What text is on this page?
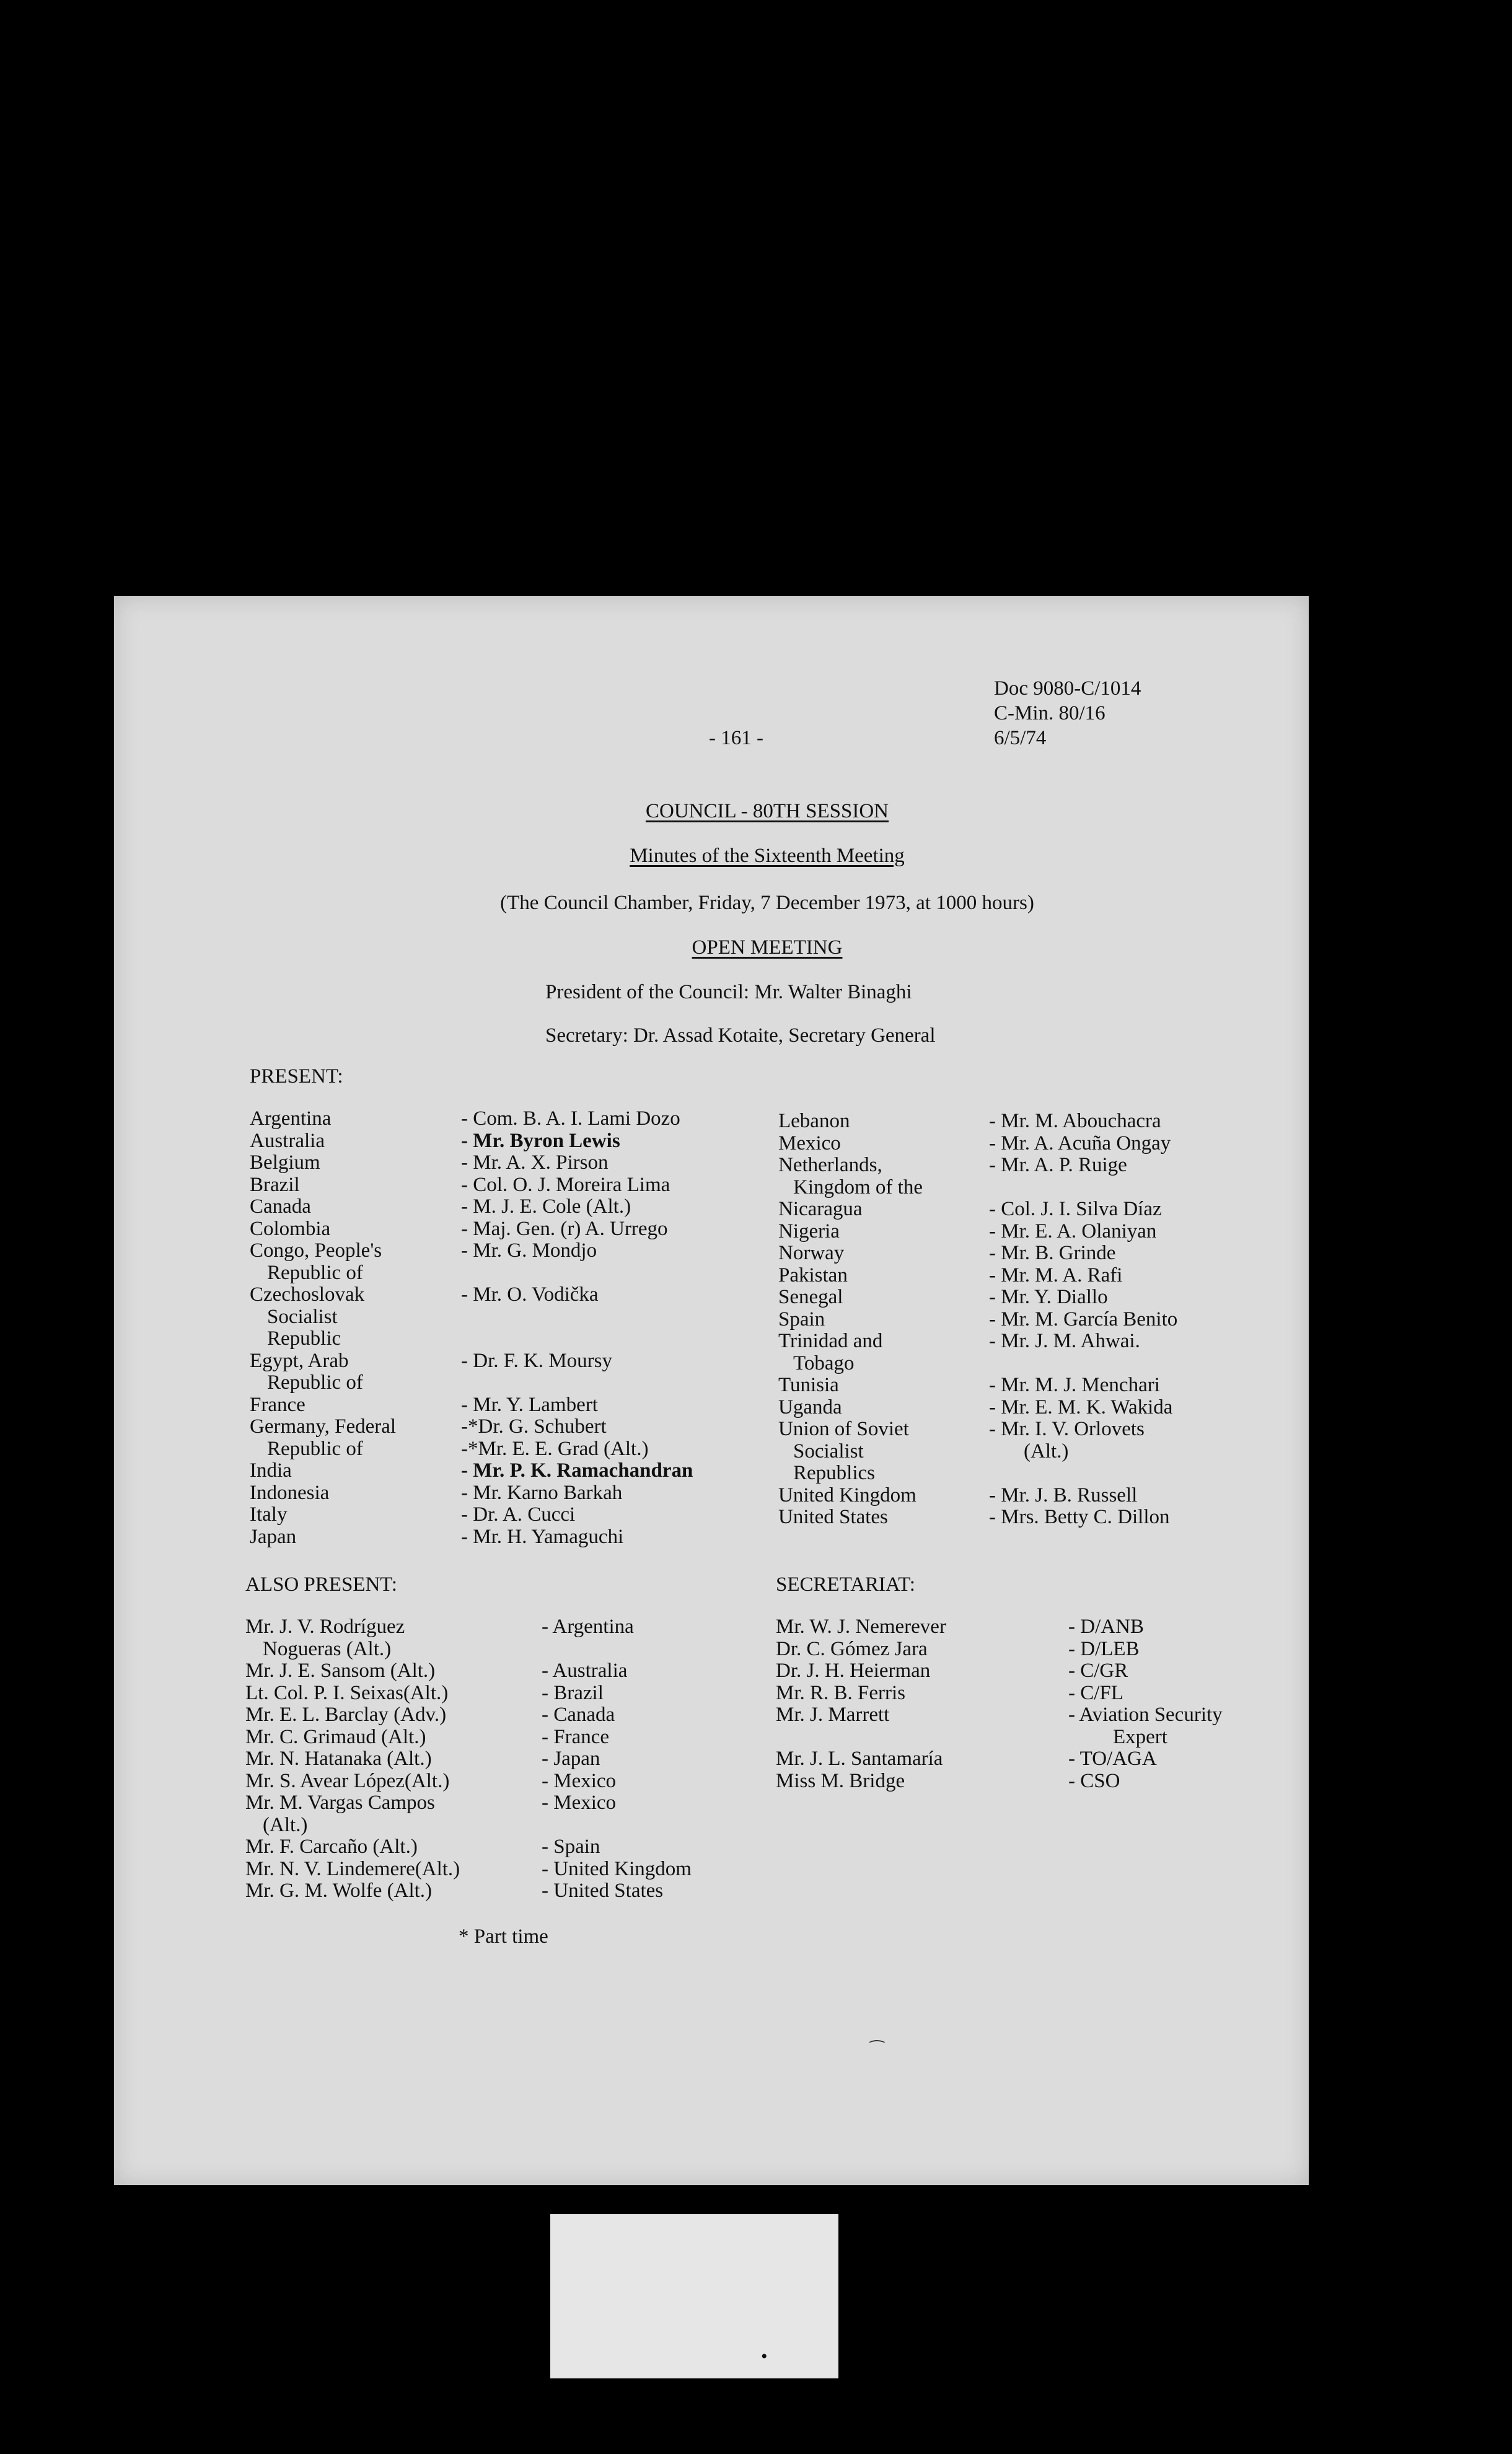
Doc 9080-C/1014
C-Min. 80/16
6/5/74
- 161 -
COUNCIL - 80TH SESSION
Minutes of the Sixteenth Meeting
(The Council Chamber, Friday, 7 December 1973, at 1000 hours)
OPEN MEETING
President of the Council: Mr. Walter Binaghi
Secretary: Dr. Assad Kotaite, Secretary General
PRESENT:
Argentina
Australia
Belgium
Brazil
Canada
Colombia
Congo, People's
Republic of
Czechoslovak
Socialist
Republic
Egypt, Arab
Republic of
France
Germany, Federal
Republic of
India
Indonesia
Italy
Japan
- Com. B. A. I. Lami Dozo
- Mr. Byron Lewis
- Mr. A. X. Pirson
- Col. O. J. Moreira Lima
- M. J. E. Cole (Alt.)
- Maj. Gen. (r) A. Urrego
- Mr. G. Mondjo
- Mr. O. Vodička
- Dr. F. K. Moursy
- Mr. Y. Lambert
-*Dr. G. Schubert
-*Mr. E. E. Grad (Alt.)
- Mr. P. K. Ramachandran
- Mr. Karno Barkah
- Dr. A. Cucci
- Mr. H. Yamaguchi
Lebanon
Mexico
Netherlands,
Kingdom of the
Nicaragua
Nigeria
Norway
Pakistan
Senegal
Spain
Trinidad and
Tobago
Tunisia
Uganda
Union of Soviet
Socialist
Republics
United Kingdom
United States
- Mr. M. Abouchacra
- Mr. A. Acuña Ongay
- Mr. A. P. Ruige
- Col. J. I. Silva Díaz
- Mr. E. A. Olaniyan
- Mr. B. Grinde
- Mr. M. A. Rafi
- Mr. Y. Diallo
- Mr. M. García Benito
- Mr. J. M. Ahwai.
- Mr. M. J. Menchari
- Mr. E. M. K. Wakida
- Mr. I. V. Orlovets
(Alt.)
- Mr. J. B. Russell
- Mrs. Betty C. Dillon
ALSO PRESENT:
Mr. J. V. Rodríguez
Nogueras (Alt.)
Mr. J. E. Sansom (Alt.)
Lt. Col. P. I. Seixas(Alt.)
Mr. E. L. Barclay (Adv.)
Mr. C. Grimaud (Alt.)
Mr. N. Hatanaka (Alt.)
Mr. S. Avear López(Alt.)
Mr. M. Vargas Campos
(Alt.)
Mr. F. Carcaño (Alt.)
Mr. N. V. Lindemere(Alt.)
Mr. G. M. Wolfe (Alt.)
- Argentina
- Australia
- Brazil
- Canada
- France
- Japan
- Mexico
- Mexico
- Spain
- United Kingdom
- United States
SECRETARIAT:
Mr. W. J. Nemerever
Dr. C. Gómez Jara
Dr. J. H. Heierman
Mr. R. B. Ferris
Mr. J. Marrett
Mr. J. L. Santamaría
Miss M. Bridge
- D/ANB
- D/LEB
- C/GR
- C/FL
- Aviation Security
Expert
- TO/AGA
- CSO
* Part time
⁀
•
